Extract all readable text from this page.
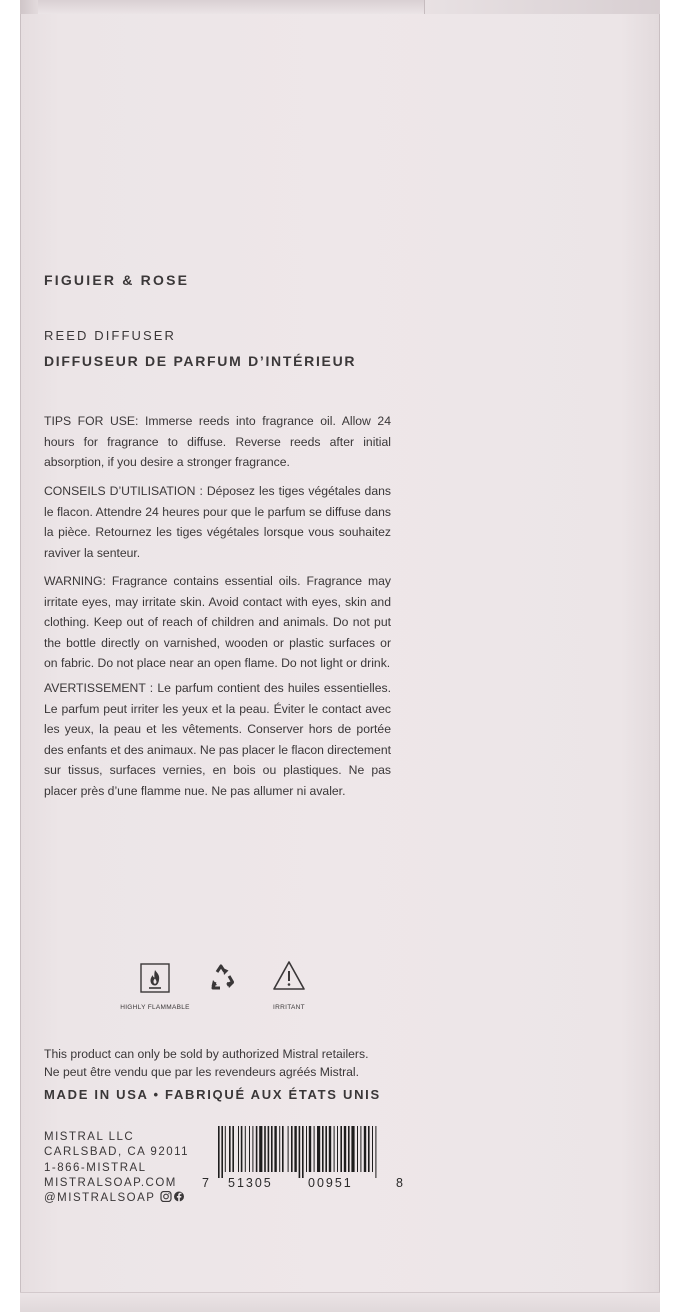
FIGUIER & ROSE
REED DIFFUSER
DIFFUSEUR DE PARFUM D’INTÉRIEUR

TIPS FOR USE: Immerse reeds into fragrance oil. Allow 24 hours for fragrance to diffuse. Reverse reeds after initial absorption, if you desire a stronger fragrance.

CONSEILS D’UTILISATION : Déposez les tiges végétales dans le flacon. Attendre 24 heures pour que le parfum se diffuse dans la pièce. Retournez les tiges végétales lorsque vous souhaitez raviver la senteur.

WARNING: Fragrance contains essential oils. Fragrance may irritate eyes, may irritate skin. Avoid contact with eyes, skin and clothing. Keep out of reach of children and animals. Do not put the bottle directly on varnished, wooden or plastic surfaces or on fabric. Do not place near an open flame. Do not light or drink.

AVERTISSEMENT : Le parfum contient des huiles essentielles. Le parfum peut irriter les yeux et la peau. Éviter le contact avec les yeux, la peau et les vêtements. Conserver hors de portée des enfants et des animaux. Ne pas placer le flacon directement sur tissus, surfaces vernies, en bois ou plastiques. Ne pas placer près d’une flamme nue. Ne pas allumer ni avaler.

HIGHLY FLAMMABLE	IRRITANT

This product can only be sold by authorized Mistral retailers.

Ne peut être vendu que par les revendeurs agréés Mistral.

MADE IN USA • FABRIQUÉ AUX ÉTATS UNIS
MISTRAL LLC
CARLSBAD, CA 92011
1-866-MISTRAL
MISTRALSOAP.COM
@MISTRALSOAP
7 51305	00951	8
